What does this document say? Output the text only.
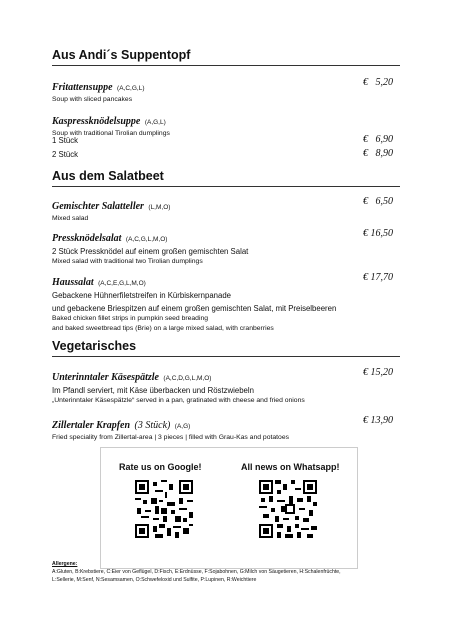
Aus Andi´s Suppentopf
Fritattensuppe (A,C,G,L)
Soup with sliced pancakes
€   5,20
Kaspressknödelsuppe (A,G,L)
Soup with traditional Tirolian dumplings
1 Stück	€   6,90
2 Stück	€   8,90
Aus dem Salatbeet
Gemischter Salatteller (L,M,O)
Mixed salad
€   6,50
Pressknödelsalat (A,C,G,L,M,O)
2 Stück Pressknödel auf einem großen gemischten Salat
Mixed salad with traditional two Tirolian dumplings
€ 16,50
Haussalat (A,C,E,G,L,M,O)
Gebackene Hühnerfiletstreifen in Kürbiskernpanade
und gebackene Briespitzen auf einem großen gemischten Salat, mit Preiselbeeren
Baked chicken fillet strips in pumpkin seed breading
and baked sweetbread tips (Brie) on a large mixed salad, with cranberries
€ 17,70
Vegetarisches
Unterinntaler Käsespätzle (A,C,D,G,L,M,O)
Im Pfandl serviert, mit Käse überbacken und Röstzwiebeln
„Unterinntaler Käsespätzle“ served in a pan, gratinated with cheese and fried onions
€ 15,20
Zillertaler Krapfen (3 Stück) (A,G)
Fried speciality from Zillertal-area | 3 pieces | filled with Grau-Kas and potatoes
€ 13,90
Rate us on Google!	All news on Whatsapp!
Allergene:
A:Gluten, B:Krebstiere, C:Eier von Geflügel, D:Fisch, E:Erdnüsse, F:Sojabohnen, G:Milch von Säugetieren, H:Schalenfrüchte,
L:Sellerie, M:Senf, N:Sesamsamen, O:Schwefeloxid und Sulfite, P:Lupinen, R:Weichtiere
